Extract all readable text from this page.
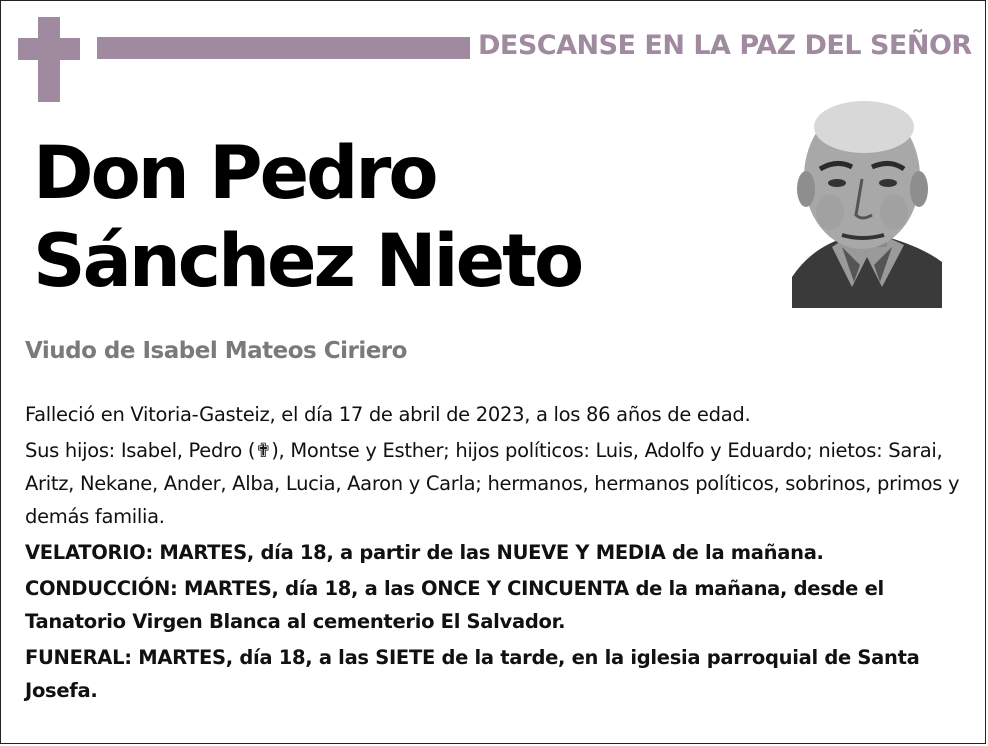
DESCANSE EN LA PAZ DEL SEÑOR
Don Pedro
Sánchez Nieto
Viudo de Isabel Mateos Ciriero

Falleció en Vitoria-Gasteiz, el día 17 de abril de 2023, a los 86 años de edad.

Sus hijos: Isabel, Pedro (✟), Montse y Esther; hijos políticos: Luis, Adolfo y Eduardo; nietos: Sarai, Aritz, Nekane, Ander, Alba, Lucia, Aaron y Carla; hermanos, hermanos políticos, sobrinos, primos y demás familia.

VELATORIO: MARTES, día 18, a partir de las NUEVE Y MEDIA de la mañana.

CONDUCCIÓN: MARTES, día 18, a las ONCE Y CINCUENTA de la mañana, desde el Tanatorio Virgen Blanca al cementerio El Salvador.

FUNERAL: MARTES, día 18, a las SIETE de la tarde, en la iglesia parroquial de Santa Josefa.
